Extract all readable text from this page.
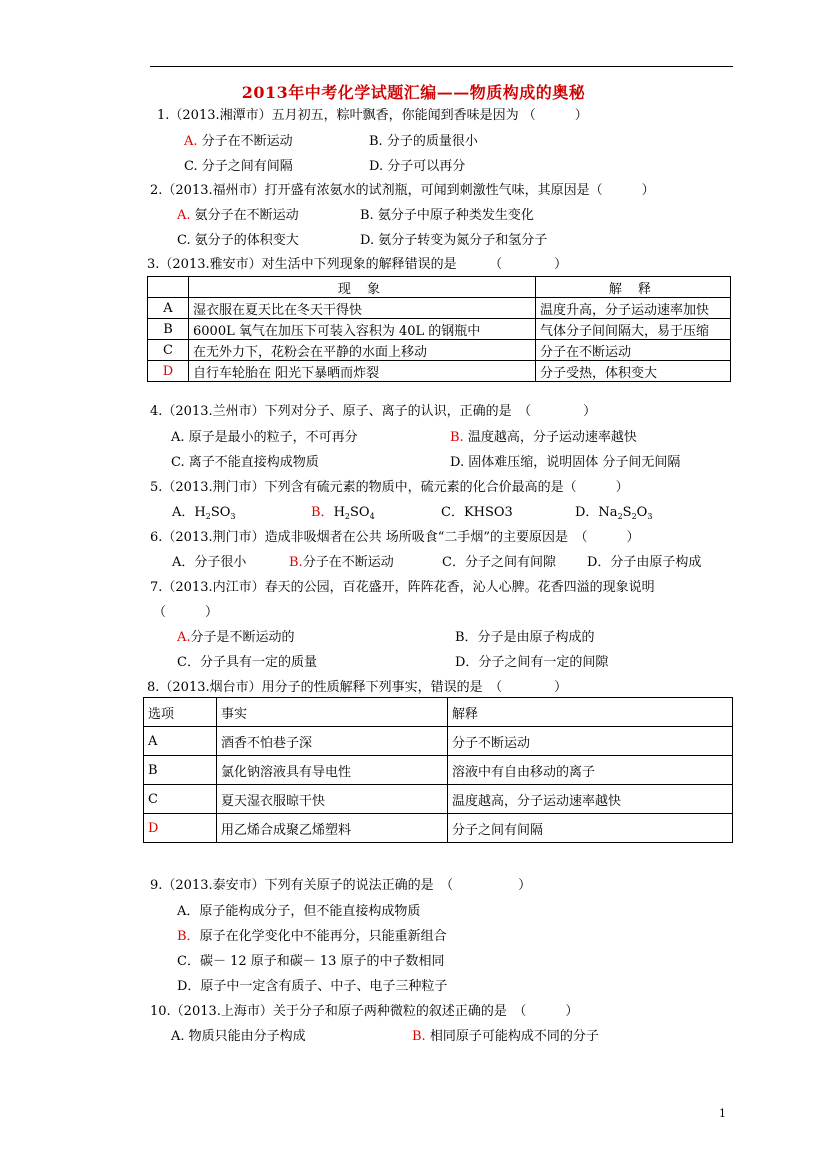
2013年中考化学试题汇编——物质构成的奥秘
1.（2013.湘潭市）五月初五，粽叶飘香，你能闻到香味是因为 （　　　）
A. 分子在不断运动	B. 分子的质量很小
C. 分子之间有间隔	D. 分子可以再分
2.（2013.福州市）打开盛有浓氨水的试剂瓶，可闻到刺激性气味，其原因是（　　　）
A. 氨分子在不断运动	B. 氨分子中原子种类发生变化
C. 氨分子的体积变大	D. 氨分子转变为氮分子和氢分子
3.（2013.雅安市）对生活中下列现象的解释错误的是　　　（　　　　）
	现 象	解 释
A	湿衣服在夏天比在冬天干得快	温度升高，分子运动速率加快
B	6000L 氧气在加压下可装入容积为 40L 的钢瓶中	气体分子间间隔大，易于压缩
C	在无外力下，花粉会在平静的水面上移动	分子在不断运动
D	自行车轮胎在 阳光下暴晒而炸裂	分子受热，体积变大
4.（2013.兰州市）下列对分子、原子、离子的认识，正确的是　（　　　　）
A. 原子是最小的粒子，不可再分	B. 温度越高，分子运动速率越快
C. 离子不能直接构成物质	D. 固体难压缩，说明固体 分子间无间隔
5.（2013.荆门市）下列含有硫元素的物质中，硫元素的化合价最高的是（　　　）
A．$H_2SO_3$	B．$H_2SO_4$	C．KHSO3	D．$Na_2S_2O_3$
6.（2013.荆门市）造成非吸烟者在公共 场所吸食“二手烟”的主要原因是　（　　　）
A．分子很小	B.分子在不断运动	C．分子之间有间隙 D．分子由原子构成
7.（2013.内江市）春天的公园，百花盛开，阵阵花香，沁人心脾。花香四溢的现象说明
（　　　）
A.分子是不断运动的	B．分子是由原子构成的
C．分子具有一定的质量	D．分子之间有一定的间隙
8.（2013.烟台市）用分子的性质解释下列事实，错误的是　（　　　　）
选项	事实	解释
A	酒香不怕巷子深	分子不断运动
B	氯化钠溶液具有导电性	溶液中有自由移动的离子
C	夏天湿衣服晾干快	温度越高，分子运动速率越快
D	用乙烯合成聚乙烯塑料	分子之间有间隔
9.（2013.泰安市）下列有关原子的说法正确的是　（　　　　　）
A．原子能构成分子，但不能直接构成物质
B．原子在化学变化中不能再分，只能重新组合
C．碳－ 12 原子和碳－ 13 原子的中子数相同
D．原子中一定含有质子、中子、电子三种粒子
10.（2013.上海市）关于分子和原子两种微粒的叙述正确的是　（　　　）
A. 物质只能由分子构成	B. 相同原子可能构成不同的分子
1
